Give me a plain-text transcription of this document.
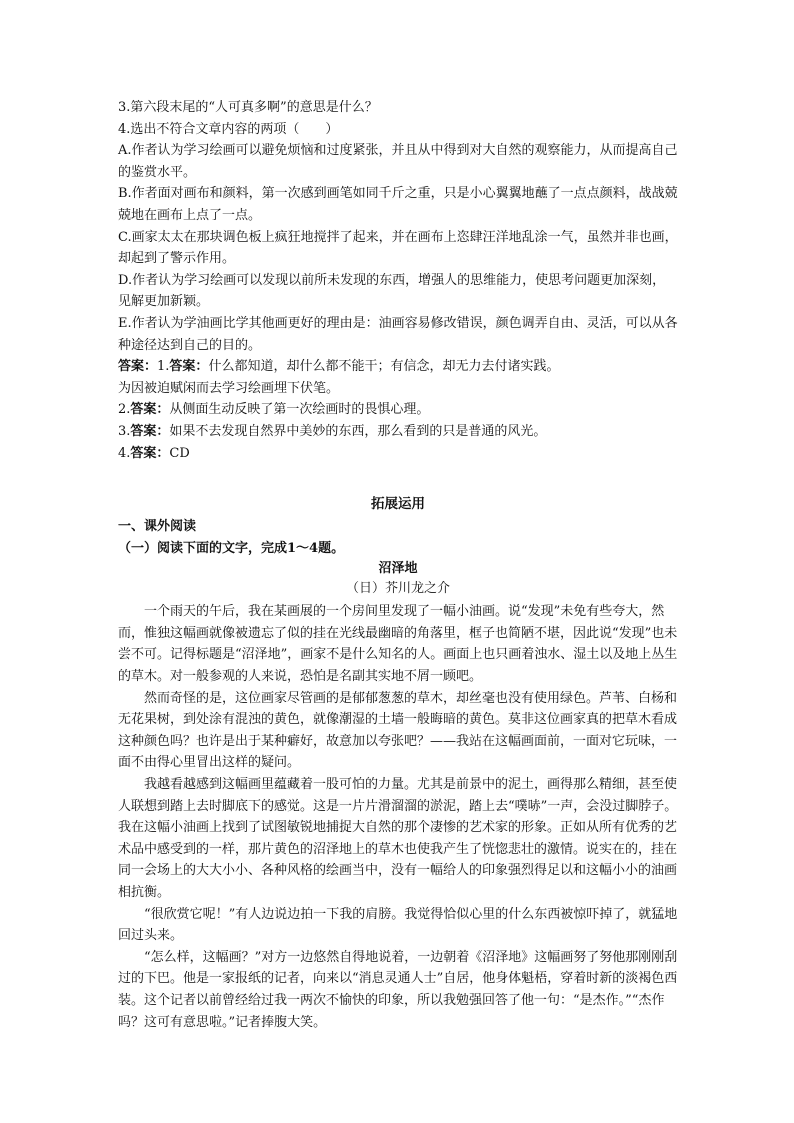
3.第六段末尾的“人可真多啊”的意思是什么？

4.选出不符合文章内容的两项（　　）

A.作者认为学习绘画可以避免烦恼和过度紧张，并且从中得到对大自然的观察能力，从而提高自己的鉴赏水平。

B.作者面对画布和颜料，第一次感到画笔如同千斤之重，只是小心翼翼地蘸了一点点颜料，战战兢兢地在画布上点了一点。

C.画家太太在那块调色板上疯狂地搅拌了起来，并在画布上恣肆汪洋地乱涂一气，虽然并非也画，却起到了警示作用。

D.作者认为学习绘画可以发现以前所未发现的东西，增强人的思维能力，使思考问题更加深刻，见解更加新颖。

E.作者认为学油画比学其他画更好的理由是：油画容易修改错误，颜色调弄自由、灵活，可以从各种途径达到自己的目的。

答案：1.答案：什么都知道，却什么都不能干；有信念，却无力去付诸实践。

为因被迫赋闲而去学习绘画埋下伏笔。

2.答案：从侧面生动反映了第一次绘画时的畏惧心理。

3.答案：如果不去发现自然界中美妙的东西，那么看到的只是普通的风光。

4.答案：CD

拓展运用

一、课外阅读

（一）阅读下面的文字，完成1～4题。

沼泽地

（日）芥川龙之介

一个雨天的午后，我在某画展的一个房间里发现了一幅小油画。说“发现”未免有些夸大，然而，惟独这幅画就像被遗忘了似的挂在光线最幽暗的角落里，框子也简陋不堪，因此说“发现”也未尝不可。记得标题是“沼泽地”，画家不是什么知名的人。画面上也只画着浊水、湿土以及地上丛生的草木。对一般参观的人来说，恐怕是名副其实地不屑一顾吧。

然而奇怪的是，这位画家尽管画的是郁郁葱葱的草木，却丝毫也没有使用绿色。芦苇、白杨和无花果树，到处涂有混浊的黄色，就像潮湿的土墙一般晦暗的黄色。莫非这位画家真的把草木看成这种颜色吗？也许是出于某种癖好，故意加以夸张吧？——我站在这幅画面前，一面对它玩味，一面不由得心里冒出这样的疑问。

我越看越感到这幅画里蕴藏着一股可怕的力量。尤其是前景中的泥土，画得那么精细，甚至使人联想到踏上去时脚底下的感觉。这是一片片滑溜溜的淤泥，踏上去“噗哧”一声，会没过脚脖子。我在这幅小油画上找到了试图敏锐地捕捉大自然的那个凄惨的艺术家的形象。正如从所有优秀的艺术品中感受到的一样，那片黄色的沼泽地上的草木也使我产生了恍惚悲壮的激情。说实在的，挂在同一会场上的大大小小、各种风格的绘画当中，没有一幅给人的印象强烈得足以和这幅小小的油画相抗衡。

“很欣赏它呢！”有人边说边拍一下我的肩膀。我觉得恰似心里的什么东西被惊吓掉了，就猛地回过头来。

“怎么样，这幅画？”对方一边悠然自得地说着，一边朝着《沼泽地》这幅画努了努他那刚刚刮过的下巴。他是一家报纸的记者，向来以“消息灵通人士”自居，他身体魁梧，穿着时新的淡褐色西装。这个记者以前曾经给过我一两次不愉快的印象，所以我勉强回答了他一句：“是杰作。”“杰作吗？这可有意思啦。”记者捧腹大笑。
